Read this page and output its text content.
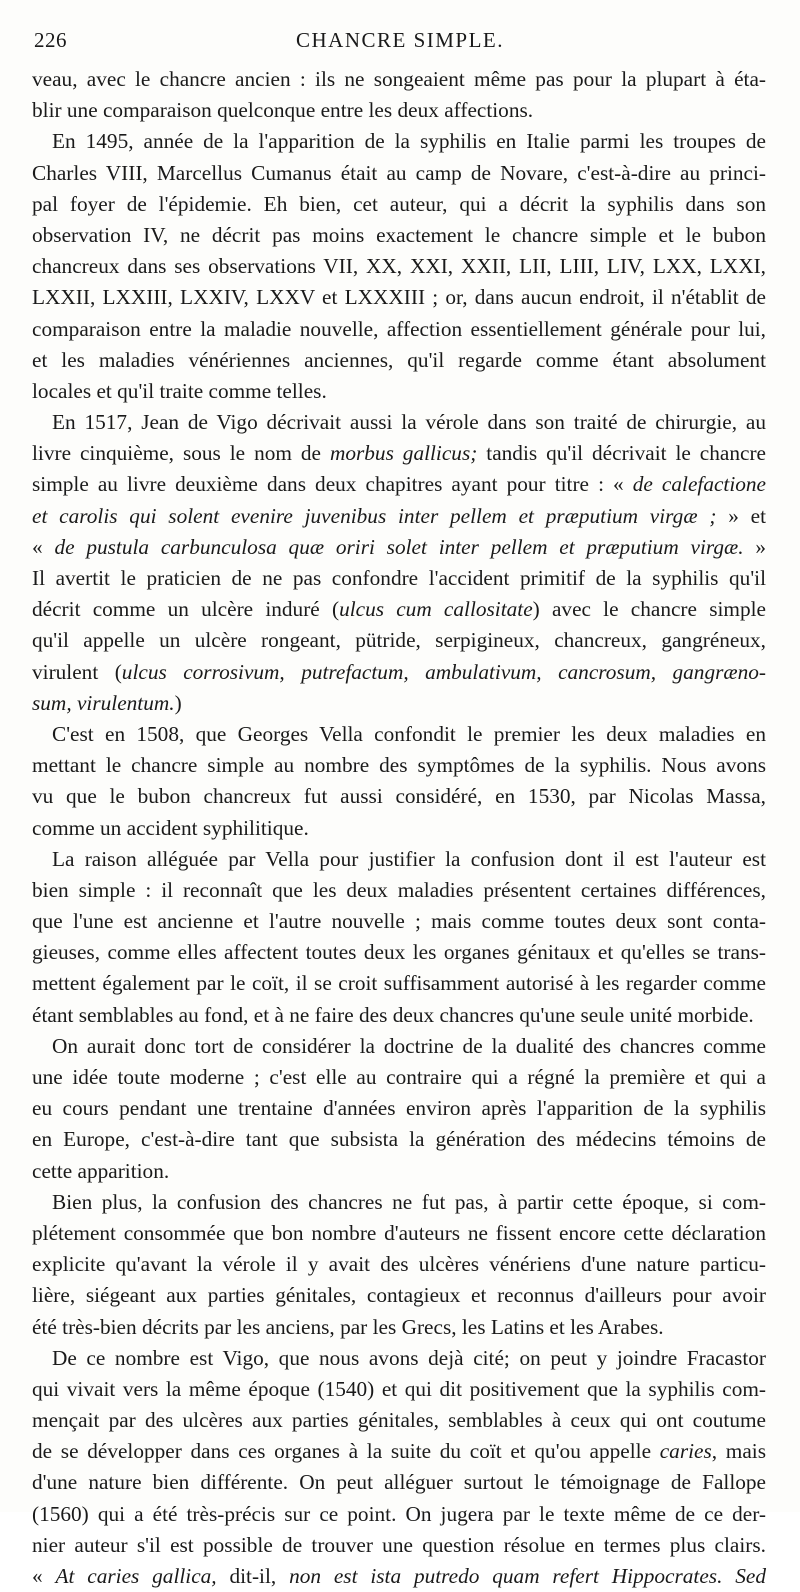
226	CHANCRE SIMPLE.
veau, avec le chancre ancien : ils ne songeaient même pas pour la plupart à éta-
blir une comparaison quelconque entre les deux affections.
En 1495, année de la l'apparition de la syphilis en Italie parmi les troupes de
Charles VIII, Marcellus Cumanus était au camp de Novare, c'est-à-dire au princi-
pal foyer de l'épidemie. Eh bien, cet auteur, qui a décrit la syphilis dans son
observation IV, ne décrit pas moins exactement le chancre simple et le bubon
chancreux dans ses observations VII, XX, XXI, XXII, LII, LIII, LIV, LXX, LXXI,
LXXII, LXXIII, LXXIV, LXXV et LXXXIII ; or, dans aucun endroit, il n'établit de
comparaison entre la maladie nouvelle, affection essentiellement générale pour lui,
et les maladies vénériennes anciennes, qu'il regarde comme étant absolument
locales et qu'il traite comme telles.
En 1517, Jean de Vigo décrivait aussi la vérole dans son traité de chirurgie, au
livre cinquième, sous le nom de morbus gallicus; tandis qu'il décrivait le chancre
simple au livre deuxième dans deux chapitres ayant pour titre : « de calefactione
et carolis qui solent evenire juvenibus inter pellem et præputium virgæ ; » et
« de pustula carbunculosa quæ oriri solet inter pellem et præputium virgæ. »
Il avertit le praticien de ne pas confondre l'accident primitif de la syphilis qu'il
décrit comme un ulcère induré (ulcus cum callositate) avec le chancre simple
qu'il appelle un ulcère rongeant, pütride, serpigineux, chancreux, gangréneux,
virulent (ulcus corrosivum, putrefactum, ambulativum, cancrosum, gangræno-
sum, virulentum.)
C'est en 1508, que Georges Vella confondit le premier les deux maladies en
mettant le chancre simple au nombre des symptômes de la syphilis. Nous avons
vu que le bubon chancreux fut aussi considéré, en 1530, par Nicolas Massa,
comme un accident syphilitique.
La raison alléguée par Vella pour justifier la confusion dont il est l'auteur est
bien simple : il reconnaît que les deux maladies présentent certaines différences,
que l'une est ancienne et l'autre nouvelle ; mais comme toutes deux sont conta-
gieuses, comme elles affectent toutes deux les organes génitaux et qu'elles se trans-
mettent également par le coït, il se croit suffisamment autorisé à les regarder comme
étant semblables au fond, et à ne faire des deux chancres qu'une seule unité morbide.
On aurait donc tort de considérer la doctrine de la dualité des chancres comme
une idée toute moderne ; c'est elle au contraire qui a régné la première et qui a
eu cours pendant une trentaine d'années environ après l'apparition de la syphilis
en Europe, c'est-à-dire tant que subsista la génération des médecins témoins de
cette apparition.
Bien plus, la confusion des chancres ne fut pas, à partir cette époque, si com-
plétement consommée que bon nombre d'auteurs ne fissent encore cette déclaration
explicite qu'avant la vérole il y avait des ulcères vénériens d'une nature particu-
lière, siégeant aux parties génitales, contagieux et reconnus d'ailleurs pour avoir
été très-bien décrits par les anciens, par les Grecs, les Latins et les Arabes.
De ce nombre est Vigo, que nous avons dejà cité; on peut y joindre Fracastor
qui vivait vers la même époque (1540) et qui dit positivement que la syphilis com-
mençait par des ulcères aux parties génitales, semblables à ceux qui ont coutume
de se développer dans ces organes à la suite du coït et qu'ou appelle caries, mais
d'une nature bien différente. On peut alléguer surtout le témoignage de Fallope
(1560) qui a été très-précis sur ce point. On jugera par le texte même de ce der-
nier auteur s'il est possible de trouver une question résolue en termes plus clairs.
« At caries gallica, dit-il, non est ista putredo quam refert Hippocrates. Sed
